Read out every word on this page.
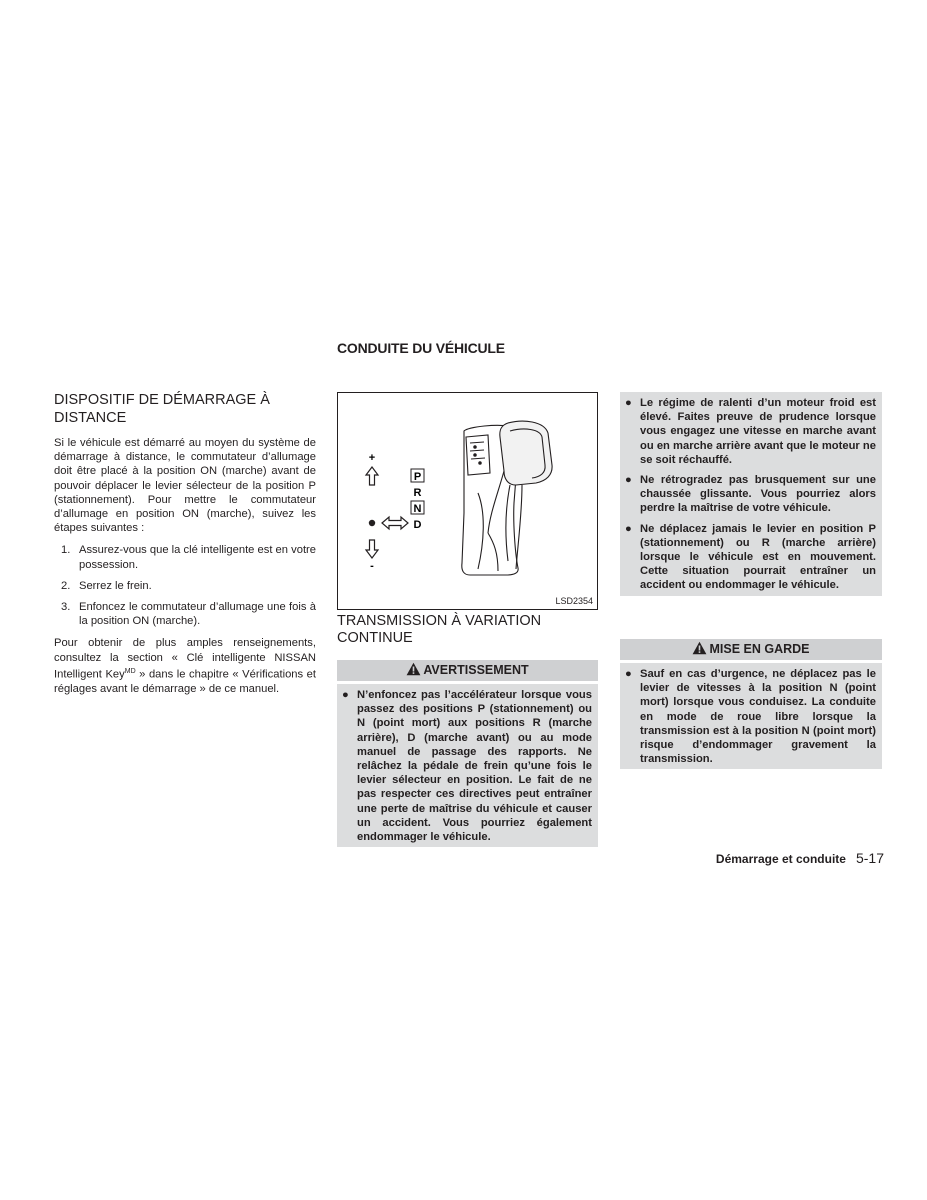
CONDUITE DU VÉHICULE
DISPOSITIF DE DÉMARRAGE À
DISTANCE

Si le véhicule est démarré au moyen du système de démarrage à distance, le commutateur d’allumage doit être placé à la position ON (marche) avant de pouvoir déplacer le levier sélecteur de la position P (stationnement). Pour mettre le commutateur d’allumage en position ON (marche), suivez les étapes suivantes :

1. Assurez-vous que la clé intelligente est en votre possession.
2. Serrez le frein.
3. Enfoncez le commutateur d’allumage une fois à la position ON (marche).

Pour obtenir de plus amples renseignements, consultez la section « Clé intelligente NISSAN Intelligent Key$^{MD}$ » dans le chapitre « Vérifications et réglages avant le démarrage » de ce manuel.

+
-
P
R
N
D
LSD2354
TRANSMISSION À VARIATION
CONTINUE
AVERTISSEMENT
● N’enfoncez pas l’accélérateur lorsque vous passez des positions P (stationnement) ou N (point mort) aux positions R (marche arrière), D (marche avant) ou au mode manuel de passage des rapports. Ne relâchez la pédale de frein qu’une fois le levier sélecteur en position. Le fait de ne pas respecter ces directives peut entraîner une perte de maîtrise du véhicule et causer un accident. Vous pourriez également endommager le véhicule.
● Le régime de ralenti d’un moteur froid est élevé. Faites preuve de prudence lorsque vous engagez une vitesse en marche avant ou en marche arrière avant que le moteur ne se soit réchauffé.
● Ne rétrogradez pas brusquement sur une chaussée glissante. Vous pourriez alors perdre la maîtrise de votre véhicule.
● Ne déplacez jamais le levier en position P (stationnement) ou R (marche arrière) lorsque le véhicule est en mouvement. Cette situation pourrait entraîner un accident ou endommager le véhicule.
MISE EN GARDE
● Sauf en cas d’urgence, ne déplacez pas le levier de vitesses à la position N (point mort) lorsque vous conduisez. La conduite en mode de roue libre lorsque la transmission est à la position N (point mort) risque d’endommager gravement la transmission.
Démarrage et conduite 5-17
